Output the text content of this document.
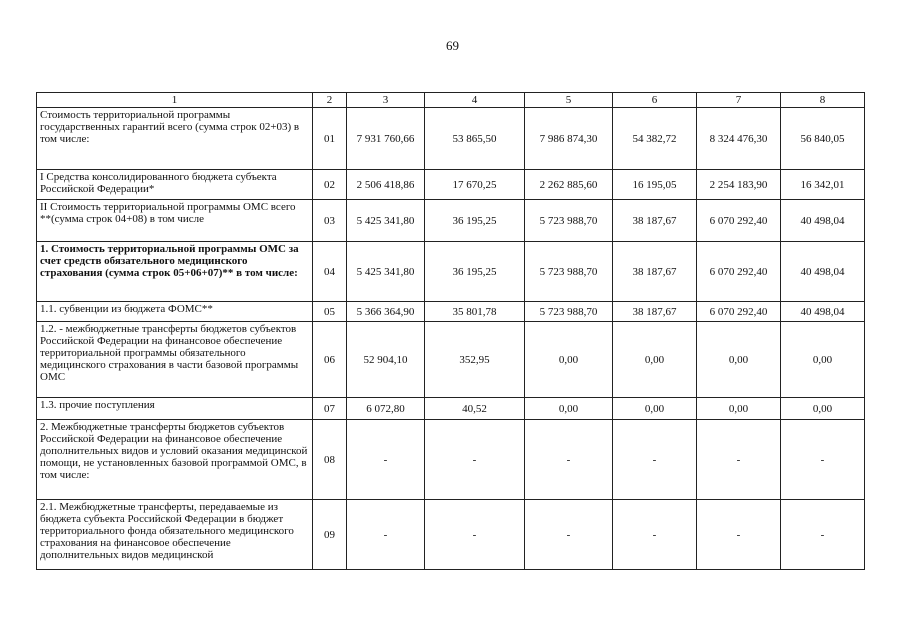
69
1	2	3	4	5	6	7	8
Стоимость территориальной программы государственных гарантий всего (сумма строк 02+03) в том числе:	01	7 931 760,66	53 865,50	7 986 874,30	54 382,72	8 324 476,30	56 840,05
I Средства консолидированного бюджета субъекта Российской Федерации*	02	2 506 418,86	17 670,25	2 262 885,60	16 195,05	2 254 183,90	16 342,01
II Стоимость территориальной программы ОМС всего **(сумма строк 04+08) в том числе	03	5 425 341,80	36 195,25	5 723 988,70	38 187,67	6 070 292,40	40 498,04
1. Стоимость территориальной программы ОМС за счет средств обязательного медицинского страхования (сумма строк 05+06+07)** в том числе:	04	5 425 341,80	36 195,25	5 723 988,70	38 187,67	6 070 292,40	40 498,04
1.1. субвенции из бюджета ФОМС**	05	5 366 364,90	35 801,78	5 723 988,70	38 187,67	6 070 292,40	40 498,04
1.2. - межбюджетные трансферты бюджетов субъектов Российской Федерации на финансовое обеспечение территориальной программы обязательного медицинского страхования в части базовой программы ОМС	06	52 904,10	352,95	0,00	0,00	0,00	0,00
1.3. прочие поступления	07	6 072,80	40,52	0,00	0,00	0,00	0,00
2. Межбюджетные трансферты бюджетов субъектов Российской Федерации на финансовое обеспечение дополнительных видов и условий оказания медицинской помощи, не установленных базовой программой ОМС, в том числе:	08	-	-	-	-	-	-
2.1. Межбюджетные трансферты, передаваемые из бюджета субъекта Российской Федерации в бюджет территориального фонда обязательного медицинского страхования на финансовое обеспечение дополнительных видов медицинской	09	-	-	-	-	-	-
